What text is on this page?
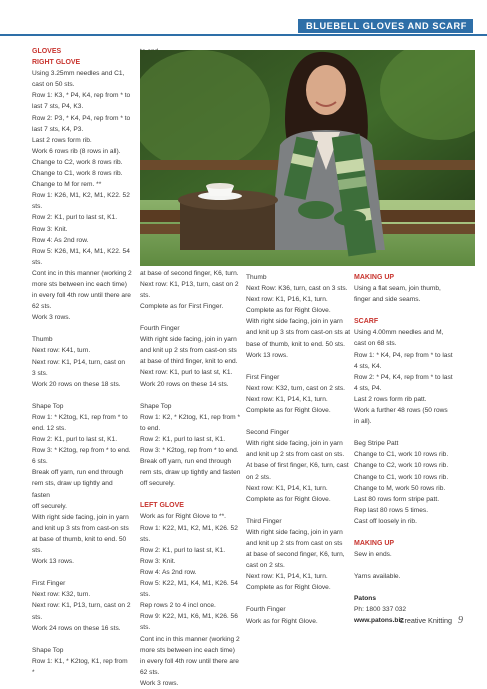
BLUEBELL GLOVES AND SCARF

GLOVES

RIGHT GLOVE

Using 3.25mm needles and C1,

cast on 50 sts.

Row 1: K3, * P4, K4, rep from * to

last 7 sts, P4, K3.

Row 2: P3, * K4, P4, rep from * to

last 7 sts, K4, P3.

Last 2 rows form rib.

Work 6 rows rib (8 rows in all).

Change to C2, work 8 rows rib.

Change to C1, work 8 rows rib.

Change to M for rem. **

Row 1: K26, M1, K2, M1, K22. 52 sts.

Row 2: K1, purl to last st, K1.

Row 3: Knit.

Row 4: As 2nd row.

Row 5: K26, M1, K4, M1, K22. 54

sts.

Cont inc in this manner (working 2

more sts between inc each time)

in every foll 4th row until there are

62 sts.

Work 3 rows.

Thumb

Next row: K41, turn.

Next row: K1, P14, turn, cast on

3 sts.

Work 20 rows on these 18 sts.

Shape Top

Row 1: * K2tog, K1, rep from * to

end. 12 sts.

Row 2: K1, purl to last st, K1.

Row 3: * K2tog, rep from * to end.

6 sts.

Break off yarn, run end through

rem sts, draw up tightly and fasten

off securely.

With right side facing, join in yarn

and knit up 3 sts from cast-on sts

at base of thumb, knit to end. 50

sts.

Work 13 rows.

First Finger

Next row: K32, turn.

Next row: K1, P13, turn, cast on 2

sts.

Work 24 rows on these 16 sts.

Shape Top

Row 1: K1, * K2tog, K1, rep from *

at base of second finger, K6, turn.

Next row: K1, P13, turn, cast on 2 sts.

Complete as for First Finger.

Fourth Finger

With right side facing, join in yarn

and knit up 2 sts from cast-on sts

at base of third finger, knit to end.

Next row: K1, purl to last st, K1.

Work 20 rows on these 14 sts.

Shape Top

Row 1: K2, * K2tog, K1, rep from *

to end.

Row 2: K1, purl to last st, K1.

Row 3: * K2tog, rep from * to end.

Break off yarn, run end through

rem sts, draw up tightly and fasten

off securely.

LEFT GLOVE

Work as for Right Glove to **.

Row 1: K22, M1, K2, M1, K26. 52 sts.

Row 2: K1, purl to last st, K1.

Row 3: Knit.

Row 4: As 2nd row.

Row 5: K22, M1, K4, M1, K26. 54 sts.

Rep rows 2 to 4 incl once.

Row 9: K22, M1, K6, M1, K26. 56 sts.

Cont inc in this manner (working 2

more sts between inc each time)

in every foll 4th row until there are

62 sts.

Work 3 rows.

Thumb

Next Row: K36, turn, cast on 3 sts.

Next row: K1, P16, K1, turn.

Complete as for Right Glove.

With right side facing, join in yarn

and knit up 3 sts from cast-on sts at

base of thumb, knit to end. 50 sts.

Work 13 rows.

First Finger

Next row: K32, turn, cast on 2 sts.

Next row: K1, P14, K1, turn.

Complete as for Right Glove.

Second Finger

With right side facing, join in yarn

and knit up 2 sts from cast on sts.

At base of first finger, K6, turn, cast

on 2 sts.

Next row: K1, P14, K1, turn.

Complete as for Right Glove.

Third Finger

With right side facing, join in yarn

and knit up 2 sts from cast on sts

at base of second finger, K6, turn,

cast on 2 sts.

Next row: K1, P14, K1, turn.

Complete as for Right Glove.

Fourth Finger

Work as for Right Glove.

MAKING UP

Using a flat seam, join thumb,

finger and side seams.

SCARF

Using 4.00mm needles and M,

cast on 68 sts.

Row 1: * K4, P4, rep from * to last

4 sts, K4.

Row 2: * P4, K4, rep from * to last

4 sts, P4.

Last 2 rows form rib patt.

Work a further 48 rows (50 rows

in all).

Beg Stripe Patt

Change to C1, work 10 rows rib.

Change to C2, work 10 rows rib.

Change to C1, work 10 rows rib.

Change to M, work 50 rows rib.

Last 80 rows form stripe patt.

Rep last 80 rows 5 times.

Cast off loosely in rib.

MAKING UP

Sew in ends.

Yarns available.

Patons

Ph: 1800 337 032

www.patons.biz

Creative Knitting 9
